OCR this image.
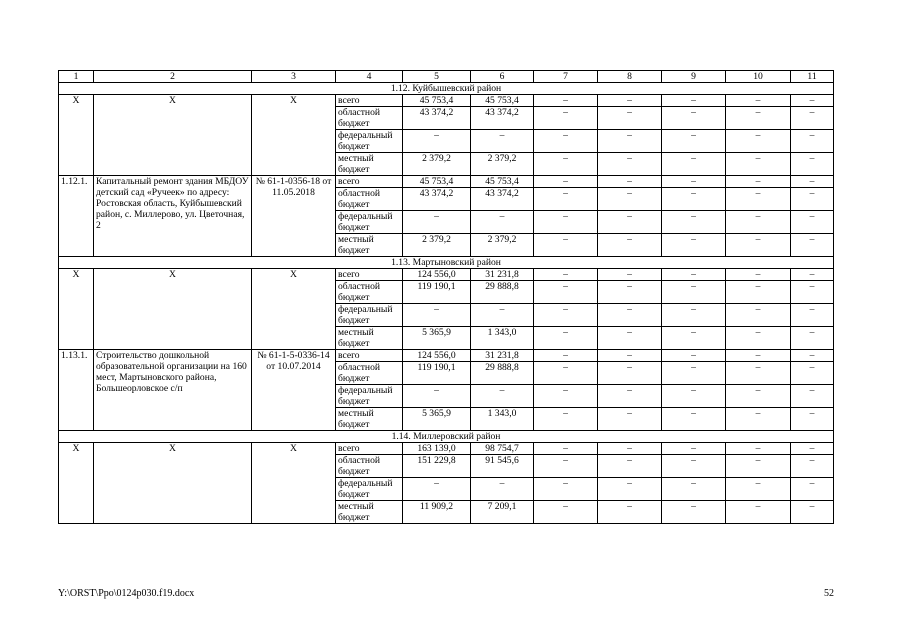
1	2	3	4	5	6	7	8	9	10	11
1.12. Куйбышевский район										
Х	Х	Х	всего	45 753,4	45 753,4	–	–	–	–	–
			областной бюджет	43 374,2	43 374,2	–	–	–	–	–
			федеральный бюджет	–	–	–	–	–	–	–
			местный бюджет	2 379,2	2 379,2	–	–	–	–	–
1.12.1.	Капитальный ремонт здания МБДОУ детский сад «Ручеек» по адресу: Ростовская область, Куйбышевский район, с. Миллерово, ул. Цветочная, 2	№ 61-1-0356-18 от 11.05.2018	всего	45 753,4	45 753,4	–	–	–	–	–
			областной бюджет	43 374,2	43 374,2	–	–	–	–	–
			федеральный бюджет	–	–	–	–	–	–	–
			местный бюджет	2 379,2	2 379,2	–	–	–	–	–
1.13. Мартыновский район										
Х	Х	Х	всего	124 556,0	31 231,8	–	–	–	–	–
			областной бюджет	119 190,1	29 888,8	–	–	–	–	–
			федеральный бюджет	–	–	–	–	–	–	–
			местный бюджет	5 365,9	1 343,0	–	–	–	–	–
1.13.1.	Строительство дошкольной образовательной организации на 160 мест, Мартыновского района, Большеорловское с/п	№ 61-1-5-0336-14 от 10.07.2014	всего	124 556,0	31 231,8	–	–	–	–	–
			областной бюджет	119 190,1	29 888,8	–	–	–	–	–
			федеральный бюджет	–	–	–	–	–	–	–
			местный бюджет	5 365,9	1 343,0	–	–	–	–	–
1.14. Миллеровский район										
Х	Х	Х	всего	163 139,0	98 754,7	–	–	–	–	–
			областной бюджет	151 229,8	91 545,6	–	–	–	–	–
			федеральный бюджет	–	–	–	–	–	–	–
			местный бюджет	11 909,2	7 209,1	–	–	–	–	–
Y:\ORST\Ppo\0124p030.f19.docx	52
